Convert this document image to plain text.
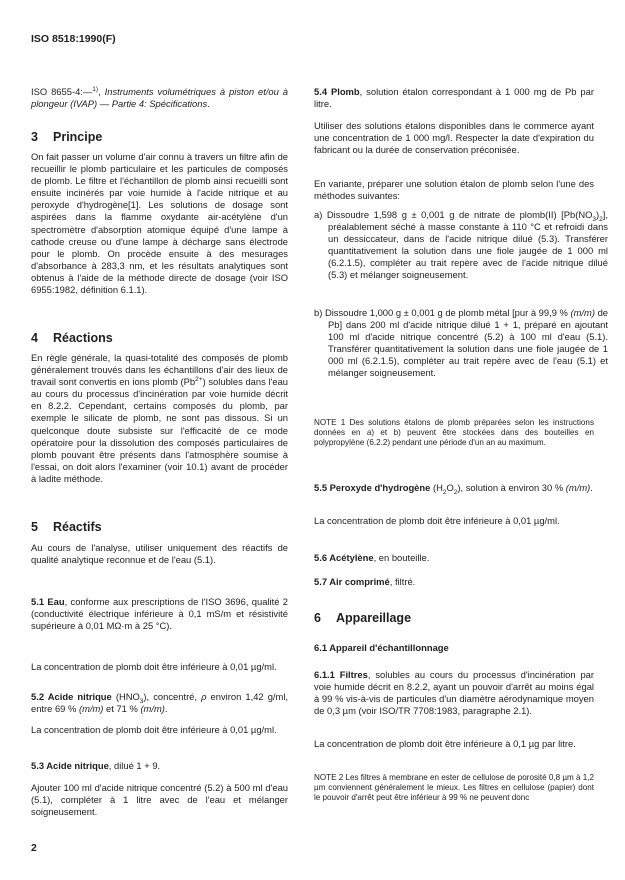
ISO 8518:1990(F)
ISO 8655-4:—$^{1)}$, Instruments volumétriques à piston et/ou à plongeur (IVAP) — Partie 4: Spécifications.
3 Principe
On fait passer un volume d'air connu à travers un filtre afin de recueillir le plomb particulaire et les particules de composés de plomb. Le filtre et l'échantillon de plomb ainsi recueilli sont ensuite incinérés par voie humide à l'acide nitrique et au peroxyde d'hydrogène[1]. Les solutions de dosage sont aspirées dans la flamme oxydante air-acétylène d'un spectromètre d'absorption atomique équipé d'une lampe à cathode creuse ou d'une lampe à décharge sans électrode pour le plomb. On procède ensuite à des mesurages d'absorbance à 283,3 nm, et les résultats analytiques sont obtenus à l'aide de la méthode directe de dosage (voir ISO 6955:1982, définition 6.1.1).
4 Réactions
En règle générale, la quasi-totalité des composés de plomb généralement trouvés dans les échantillons d'air des lieux de travail sont convertis en ions plomb $(Pb^{2+})$ solubles dans l'eau au cours du processus d'incinération par voie humide décrit en 8.2.2. Cependant, certains composés du plomb, par exemple le silicate de plomb, ne sont pas dissous. Si un quelconque doute subsiste sur l'efficacité de ce mode opératoire pour la dissolution des composés particulaires de plomb pouvant être présents dans l'atmosphère soumise à l'essai, on doit alors l'examiner (voir 10.1) avant de procéder à ladite méthode.
5 Réactifs
Au cours de l'analyse, utiliser uniquement des réactifs de qualité analytique reconnue et de l'eau (5.1).
5.1 Eau, conforme aux prescriptions de l'ISO 3696, qualité 2 (conductivité électrique inférieure à 0,1 mS/m et résistivité supérieure à 0,01 MΩ·m à 25 °C).
La concentration de plomb doit être inférieure à 0,01 µg/ml.
5.2 Acide nitrique $(HNO_3)$, concentré, ρ environ 1,42 g/ml, entre 69 % (m/m) et 71 % (m/m).
La concentration de plomb doit être inférieure à 0,01 µg/ml.
5.3 Acide nitrique, dilué 1 + 9.
Ajouter 100 ml d'acide nitrique concentré (5.2) à 500 ml d'eau (5.1), compléter à 1 litre avec de l'eau et mélanger soigneusement.
5.4 Plomb, solution étalon correspondant à 1 000 mg de Pb par litre.
Utiliser des solutions étalons disponibles dans le commerce ayant une concentration de 1 000 mg/l. Respecter la date d'expiration du fabricant ou la durée de conservation préconisée.
En variante, préparer une solution étalon de plomb selon l'une des méthodes suivantes:
a) Dissoudre 1,598 g ± 0,001 g de nitrate de plomb(II) $[Pb(NO_3)_2]$, préalablement séché à masse constante à 110 °C et refroidi dans un dessiccateur, dans de l'acide nitrique dilué (5.3). Transférer quantitativement la solution dans une fiole jaugée de 1 000 ml (6.2.1.5), compléter au trait repère avec de l'acide nitrique dilué (5.3) et mélanger soigneusement.
b) Dissoudre 1,000 g ± 0,001 g de plomb métal [pur à 99,9 % (m/m) de Pb] dans 200 ml d'acide nitrique dilué 1 + 1, préparé en ajoutant 100 ml d'acide nitrique concentré (5.2) à 100 ml d'eau (5.1). Transférer quantitativement la solution dans une fiole jaugée de 1 000 ml (6.2.1.5), compléter au trait repère avec de l'eau (5.1) et mélanger soigneusement.
NOTE 1 Des solutions étalons de plomb préparées selon les instructions données en a) et b) peuvent être stockées dans des bouteilles en polypropylène (6.2.2) pendant une période d'un an au maximum.
5.5 Peroxyde d'hydrogène $(H_2O_2)$, solution à environ 30 % (m/m).
La concentration de plomb doit être inférieure à 0,01 µg/ml.
5.6 Acétylène, en bouteille.
5.7 Air comprimé, filtré.
6 Appareillage
6.1 Appareil d'échantillonnage
6.1.1 Filtres, solubles au cours du processus d'incinération par voie humide décrit en 8.2.2, ayant un pouvoir d'arrêt au moins égal à 99 % vis-à-vis de particules d'un diamètre aérodynamique moyen de 0,3 µm (voir ISO/TR 7708:1983, paragraphe 2.1).
La concentration de plomb doit être inférieure à 0,1 µg par litre.
NOTE 2 Les filtres à membrane en ester de cellulose de porosité 0,8 µm à 1,2 µm conviennent généralement le mieux. Les filtres en cellulose (papier) dont le pouvoir d'arrêt peut être inférieur à 99 % ne peuvent donc
2
